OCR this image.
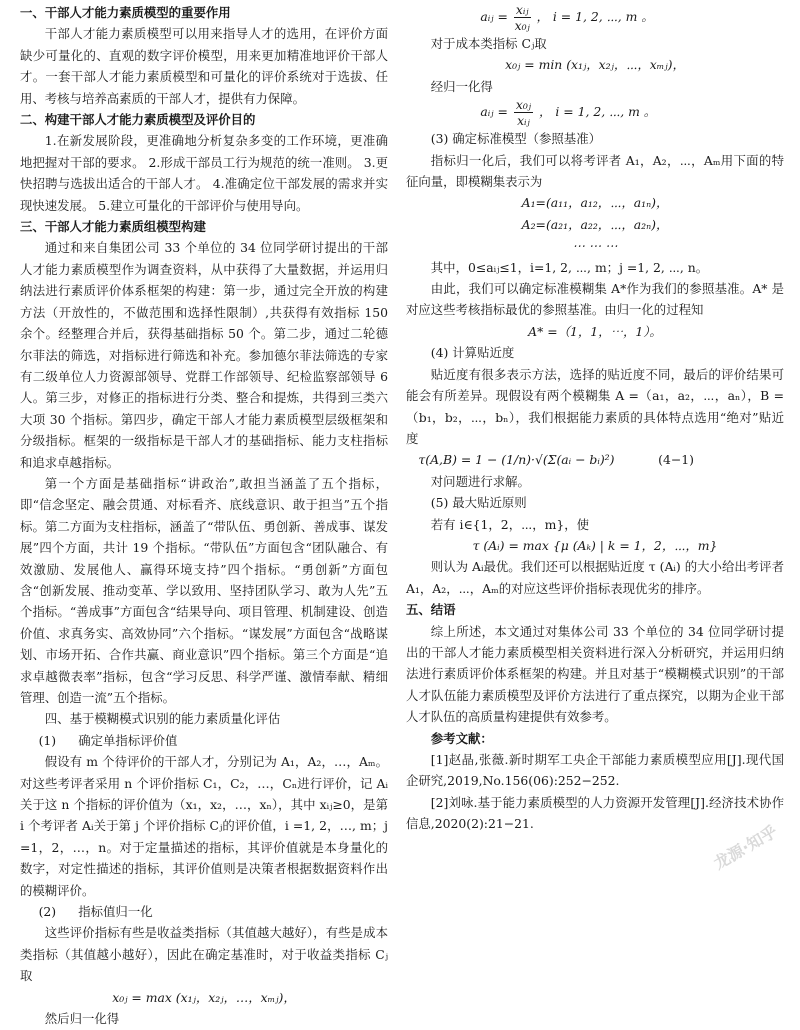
一、干部人才能力素质模型的重要作用

干部人才能力素质模型可以用来指导人才的选用，在评价方面缺少可量化的、直观的数字评价模型，用来更加精准地评价干部人才。一套干部人才能力素质模型和可量化的评价系统对于选拔、任用、考核与培养高素质的干部人才，提供有力保障。

二、构建干部人才能力素质模型及评价目的

1.在新发展阶段，更准确地分析复杂多变的工作环境，更准确地把握对干部的要求。 2.形成干部员工行为规范的统一准则。 3.更快招聘与选拔出适合的干部人才。 4.准确定位干部发展的需求并实现快速发展。 5.建立可量化的干部评价与使用导向。

三、干部人才能力素质组模型构建

通过和来自集团公司 33 个单位的 34 位同学研讨提出的干部人才能力素质模型作为调查资料，从中获得了大量数据，并运用归纳法进行素质评价体系框架的构建：第一步，通过完全开放的构建方法（开放性的，不做范围和选择性限制）,共获得有效指标 150 余个。经整理合并后，获得基础指标 50 个。第二步，通过二轮德尔菲法的筛选，对指标进行筛选和补充。参加德尔菲法筛选的专家有二级单位人力资源部领导、党群工作部领导、纪检监察部领导 6 人。第三步，对修正的指标进行分类、整合和提炼，共得到三类六大项 30 个指标。第四步，确定干部人才能力素质模型层级框架和分级指标。框架的一级指标是干部人才的基础指标、能力支柱指标和追求卓越指标。

第一个方面是基础指标“讲政治”,敢担当涵盖了五个指标，即“信念坚定、融会贯通、对标看齐、底线意识、敢于担当”五个指标。第二方面为支柱指标，涵盖了“带队伍、勇创新、善成事、谋发展”四个方面，共计 19 个指标。“带队伍”方面包含“团队融合、有效激励、发展他人、赢得环境支持”四个指标。“勇创新”方面包含“创新发展、推动变革、学以致用、坚持团队学习、敢为人先”五个指标。“善成事”方面包含“结果导向、项目管理、机制建设、创造价值、求真务实、高效协同”六个指标。“谋发展”方面包含“战略谋划、市场开拓、合作共赢、商业意识”四个指标。第三个方面是“追求卓越微表率”指标，包含“学习反思、科学严谨、激情奉献、精细管理、创造一流”五个指标。

四、基于模糊模式识别的能力素质量化评估

(1) 确定单指标评价值

假设有 m 个待评价的干部人才，分别记为 A₁，A₂，…，Aₘ。对这些考评者采用 n 个评价指标 C₁，C₂，…，Cₙ进行评价，记 Aᵢ关于这 n 个指标的评价值为（x₁，x₂，…，xₙ），其中 xᵢⱼ≥0，是第 i 个考评者 Aᵢ关于第 j 个评价指标 Cⱼ的评价值，i =1, 2，…, m；j =1，2，…，n。对于定量描述的指标，其评价值就是本身量化的数字，对定性描述的指标，其评价值则是决策者根据数据资料作出的模糊评价。

(2) 指标值归一化

这些评价指标有些是收益类指标（其值越大越好），有些是成本类指标（其值越小越好），因此在确定基准时，对于收益类指标 Cⱼ取

x₀ⱼ = max (x₁ⱼ，x₂ⱼ，…，xₘⱼ)，

然后归一化得

aᵢⱼ = $\frac{\text{xᵢⱼ}}{\text{x₀ⱼ}}$ ， i = 1, 2, ⋯, m 。

对于成本类指标 Cⱼ取

x₀ⱼ = min (x₁ⱼ，x₂ⱼ，⋯，xₘⱼ)，

经归一化得

aᵢⱼ = $\frac{\text{x₀ⱼ}}{\text{xᵢⱼ}}$ ， i = 1, 2, ⋯, m 。

(3) 确定标准模型（参照基准）

指标归一化后，我们可以将考评者 A₁，A₂，⋯，Aₘ用下面的特征向量，即模糊集表示为

A₁=(a₁₁，a₁₂，⋯，a₁ₙ)，

A₂=(a₂₁，a₂₂，⋯，a₂ₙ)，

⋯ ⋯ ⋯

其中，0≤aᵢⱼ≤1，i=1, 2, ⋯, m；j =1, 2, ⋯, n。

由此，我们可以确定标准模糊集 A*作为我们的参照基准。A* 是对应这些考核指标最优的参照基准。由归一化的过程知

A* =（1，1，⋯，1）。

(4) 计算贴近度

贴近度有很多表示方法，选择的贴近度不同，最后的评价结果可能会有所差异。现假设有两个模糊集 A =（a₁，a₂，⋯，aₙ），B =（b₁，b₂，⋯，bₙ），我们根据能力素质的具体特点选用“绝对”贴近度

τ(A,B) = 1 − (1/n)·√(Σ(aᵢ − bᵢ)²)	(4−1)

对问题进行求解。

(5) 最大贴近原则

若有 i∈{1，2，⋯，m}，使

τ (Aᵢ) = max {μ (Aₖ) | k = 1，2，⋯，m}

则认为 Aᵢ最优。我们还可以根据贴近度 τ (Aᵢ) 的大小给出考评者 A₁，A₂，⋯，Aₘ的对应这些评价指标表现优劣的排序。

五、结语

综上所述，本文通过对集体公司 33 个单位的 34 位同学研讨提出的干部人才能力素质模型相关资料进行深入分析研究，并运用归纳法进行素质评价体系框架的构建。并且对基于“模糊模式识别”的干部人才队伍能力素质模型及评价方法进行了重点探究，以期为企业干部人才队伍的高质量构建提供有效参考。

参考文献：

[1]赵晶,张薇.新时期军工央企干部能力素质模型应用[J].现代国企研究,2019,No.156(06):252−252.

[2]刘咏.基于能力素质模型的人力资源开发管理[J].经济技术协作信息,2020(2):21−21.	龙源·知乎
